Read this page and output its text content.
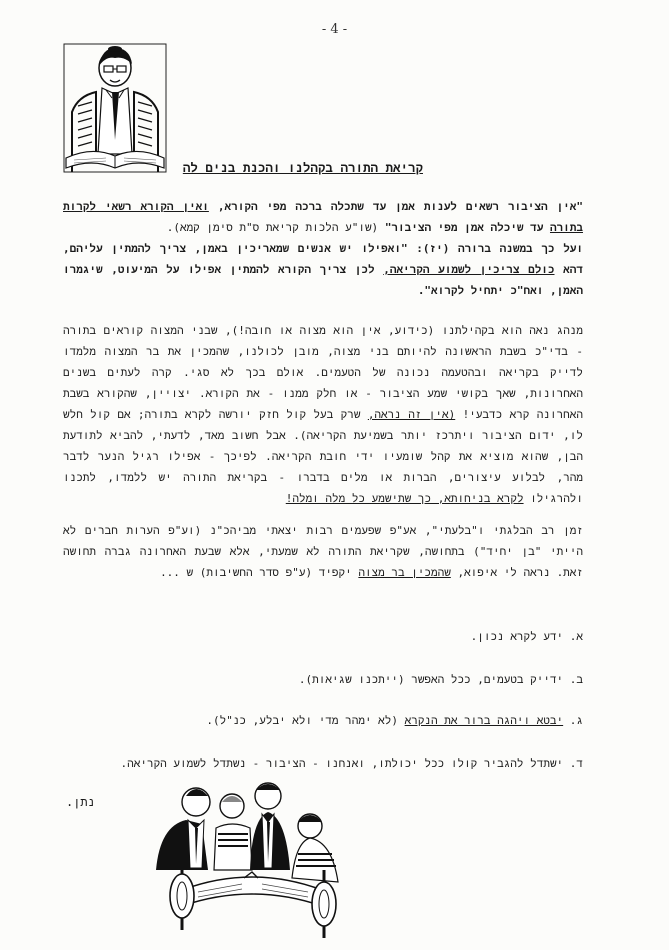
- 4 -
קריאת התורה בקהלנו והכנת בנים לה

"אין הציבור רשאים לענות אמן עד שתכלה ברכה מפי הקורא, ואין הקורא רשאי לקרות בתורה עד שיכלה אמן מפי הציבור" (שו"ע הלכות קריאת ס"ת סימן קמא).

ועל כך במשנה ברורה (יז): "ואפילו יש אנשים שמאריכין באמן, צריך להמתין עליהם, דהא כולם צריכין לשמוע הקריאה, לכן צריך הקורא להמתין אפילו על המיעוט, שיגמרו האמן, ואח"כ יתחיל לקרוא".

מנהג נאה הוא בקהילתנו (כידוע, אין הוא מצוה או חובה!), שבני המצוה קוראים בתורה - בדי"כ בשבת הראשונה להיותם בני מצוה, מובן לכולנו, שהמכין את בר המצוה מלמדו לדייק בקריאה ובהטעמה נכונה של הטעמים. אולם בכך לא סגי. קרה לעתים בשנים האחרונות, שאך בקושי שמע הציבור - או חלק ממנו - את הקורא. יצויין, שהקורא בשבת האחרונה קרא כדבעי! (אין זה נראה, שרק בעל קול חזק יורשה לקרא בתורה; אם קול חלש לו, ידום הציבור ויתרכז יותר בשמיעת הקריאה). אבל חשוב מאד, לדעתי, להביא לתודעת הבן, שהוא מוציא את קהל שומעיו ידי חובת הקריאה. לפיכך - אפילו רגיל הנער לדבר מהר, לבלוע עיצורים, הברות או מלים בדברו - בקריאת התורה יש ללמדו, לתכנו ולהרגילו לקרא בניחותא, כך שתישמע כל מלה ומלה!

זמן רב הבלגתי ו"בלעתי", אע"פ שפעמים רבות יצאתי מביהכ"נ (וע"פ הערות חברים לא הייתי "בן יחיד") בתחושה, שקריאת התורה לא שמעתי, אלא שבעת האחרונה גברה תחושה זאת. נראה לי איפוא, שהמכין בר מצוה יקפיד (ע"פ סדר החשיבות) ש ...

א. ידע לקרא נכון.
ב. ידייק בטעמים, ככל האפשר (ייתכנו שגיאות).
ג. יבטא ויהגה ברור את הנקרא (לא ימהר מדי ולא יבלע, כנ"ל).
ד. ישתדל להגביר קולו ככל יכולתו, ואנחנו - הציבור - נשתדל לשמוע הקריאה.
נתן.
